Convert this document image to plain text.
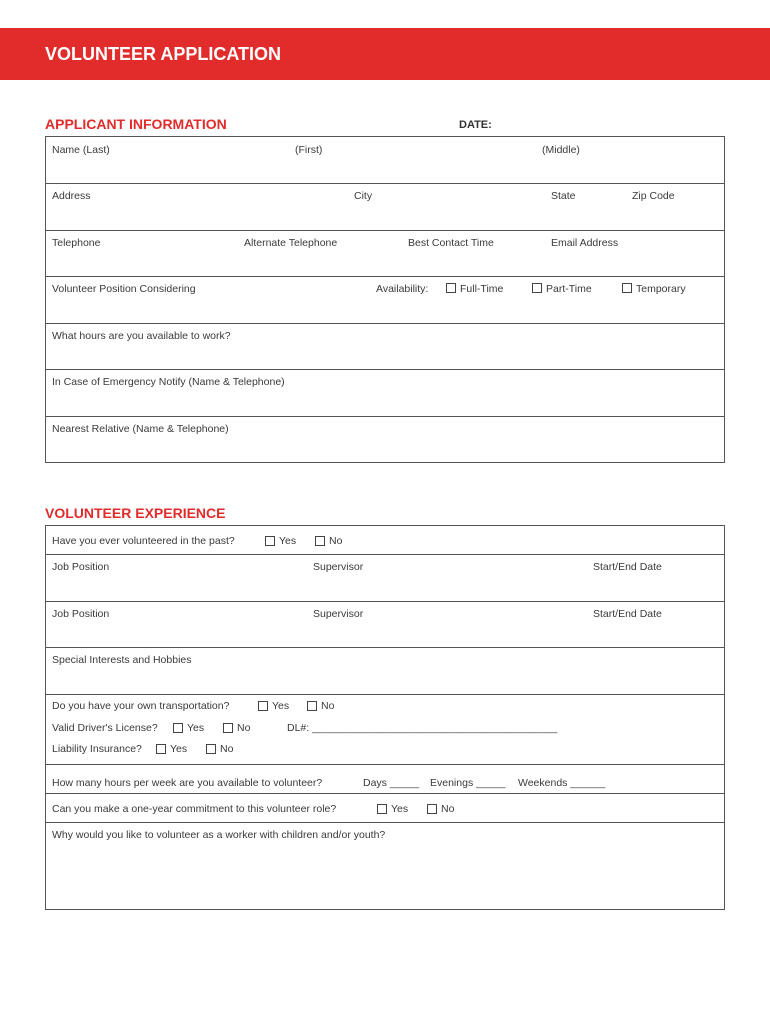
VOLUNTEER APPLICATION
APPLICANT INFORMATION	DATE:
Name (Last)	(First)	(Middle)
Address	City	State	Zip Code
Telephone	Alternate Telephone	Best Contact Time	Email Address
Volunteer Position Considering	Availability:	Full-Time	Part-Time	Temporary
What hours are you available to work?
In Case of Emergency Notify (Name & Telephone)
Nearest Relative (Name & Telephone)
VOLUNTEER EXPERIENCE
Have you ever volunteered in the past?	Yes	No
Job Position	Supervisor	Start/End Date
Job Position	Supervisor	Start/End Date
Special Interests and Hobbies
Do you have your own transportation?	Yes	No
Valid Driver's License?	Yes	No	DL#: __________________________________________
Liability Insurance?	Yes	No
How many hours per week are you available to volunteer?	Days _____ Evenings _____ Weekends ______
Can you make a one-year commitment to this volunteer role?	Yes	No
Why would you like to volunteer as a worker with children and/or youth?
